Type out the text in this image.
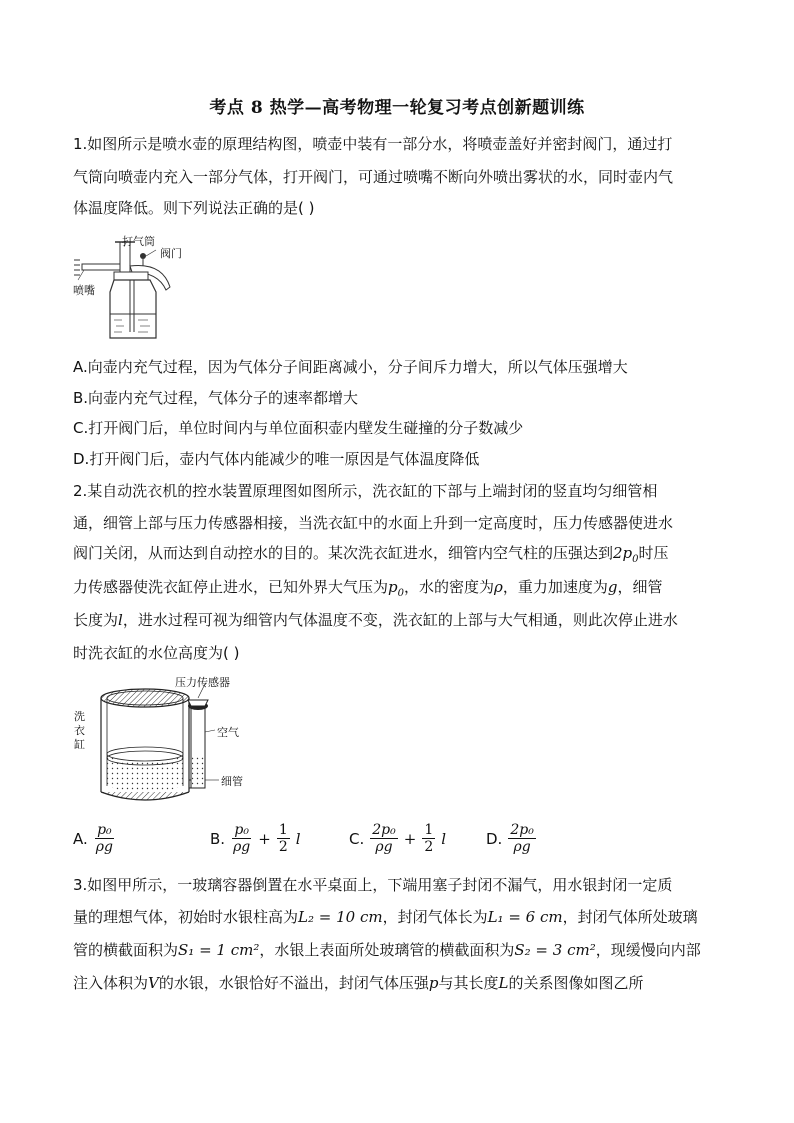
考点 8 热学—高考物理一轮复习考点创新题训练
1.如图所示是喷水壶的原理结构图，喷壶中装有一部分水，将喷壶盖好并密封阀门，通过打
气筒向喷壶内充入一部分气体，打开阀门，可通过喷嘴不断向外喷出雾状的水，同时壶内气
体温度降低。则下列说法正确的是( )
打气筒
阀门
喷嘴
A.向壶内充气过程，因为气体分子间距离减小，分子间斥力增大，所以气体压强增大
B.向壶内充气过程，气体分子的速率都增大
C.打开阀门后，单位时间内与单位面积壶内壁发生碰撞的分子数减少
D.打开阀门后，壶内气体内能减少的唯一原因是气体温度降低
2.某自动洗衣机的控水装置原理图如图所示，洗衣缸的下部与上端封闭的竖直均匀细管相
通，细管上部与压力传感器相接，当洗衣缸中的水面上升到一定高度时，压力传感器使进水
阀门关闭，从而达到自动控水的目的。某次洗衣缸进水，细管内空气柱的压强达到$2p_0$时压
力传感器使洗衣缸停止进水，已知外界大气压为$p_0$，水的密度为ρ，重力加速度为g，细管
长度为l，进水过程可视为细管内气体温度不变，洗衣缸的上部与大气相通，则此次停止进水
时洗衣缸的水位高度为( )
压力传感器
洗
衣
缸
空气
细管
A. $\frac{\text{p₀}}{\rho g}$	B. $\frac{\text{p₀}}{\rho g} + \frac{1}{2}$ l	C. $\frac{\text{2p₀}}{\rho g} + \frac{1}{2}$ l	D. $\frac{\text{2p₀}}{\rho g}$
3.如图甲所示，一玻璃容器倒置在水平桌面上，下端用塞子封闭不漏气，用水银封闭一定质
量的理想气体，初始时水银柱高为L₂ = 10 cm，封闭气体长为L₁ = 6 cm，封闭气体所处玻璃
管的横截面积为S₁ = 1 cm²，水银上表面所处玻璃管的横截面积为S₂ = 3 cm²，现缓慢向内部
注入体积为V的水银，水银恰好不溢出，封闭气体压强p与其长度L的关系图像如图乙所
